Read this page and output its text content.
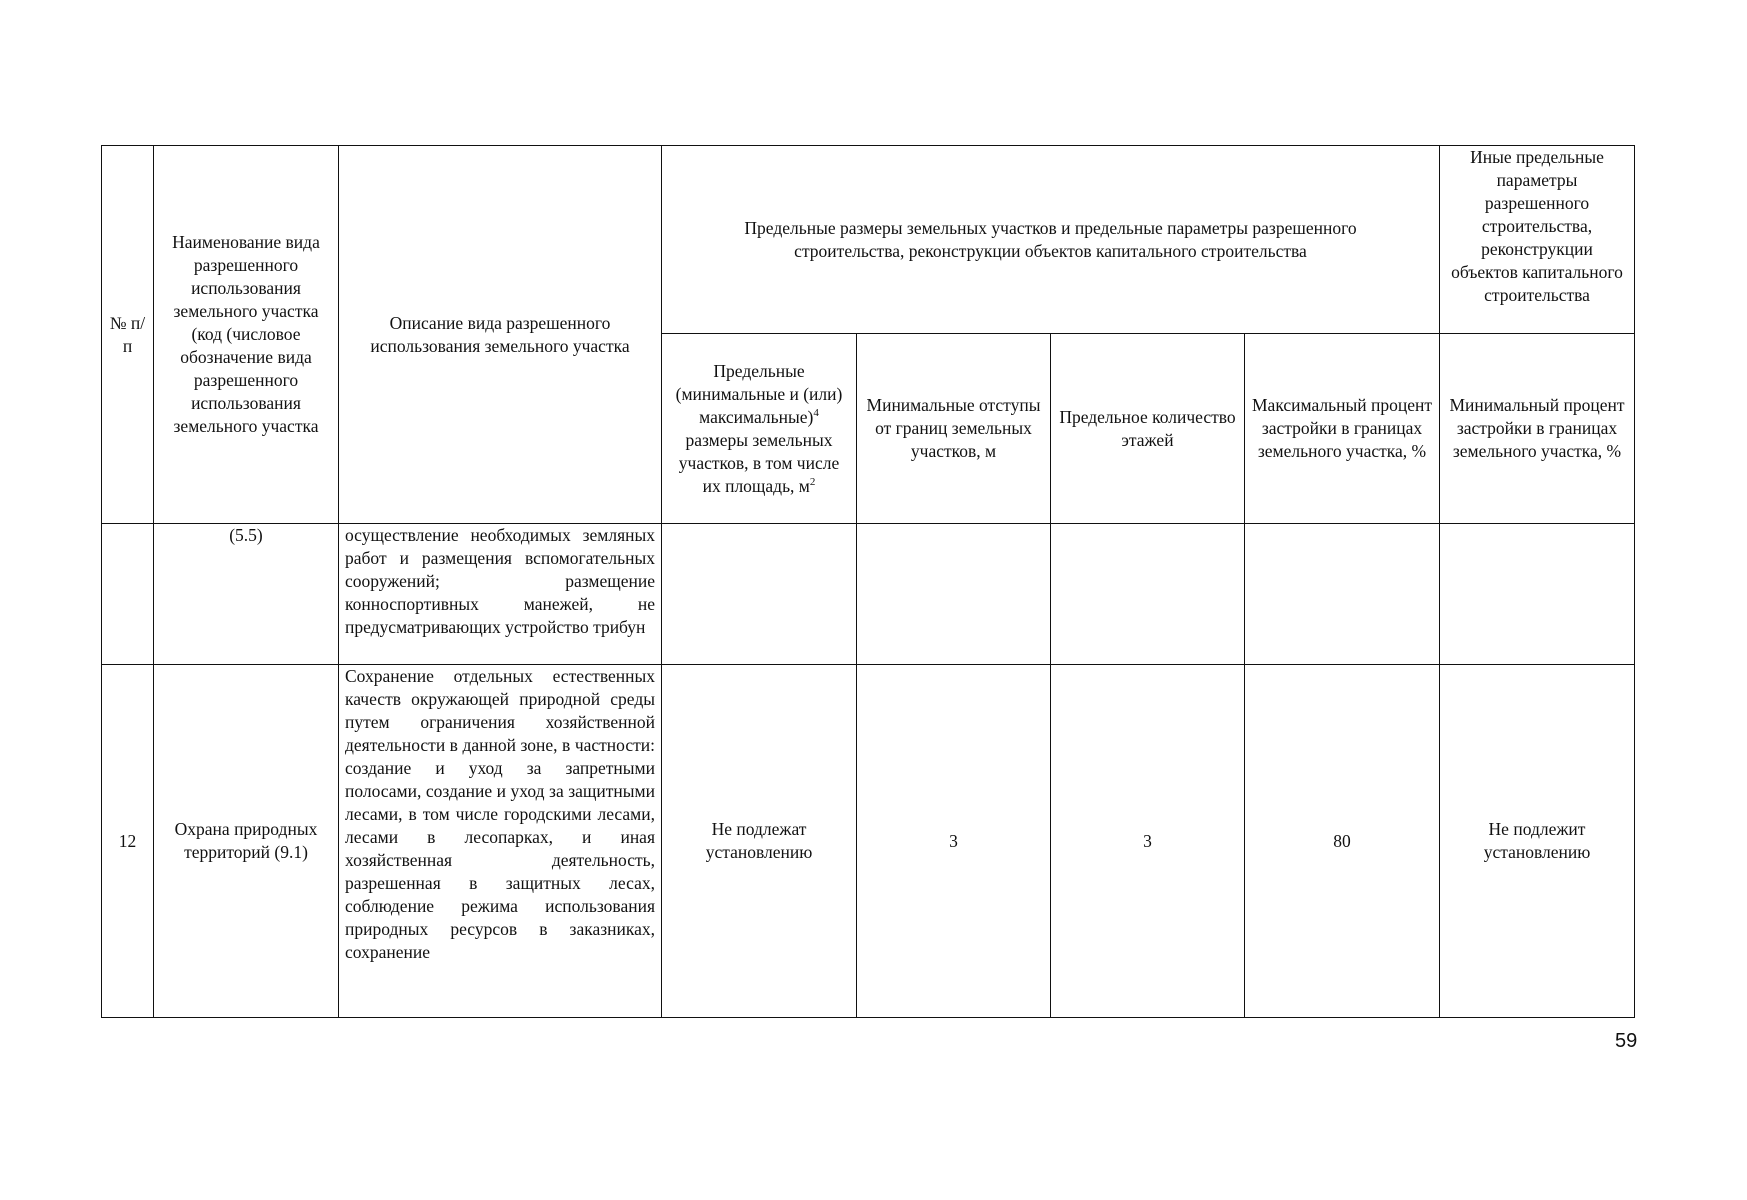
№ п/п	Наименование вида разрешенного использования земельного участка (код (числовое обозначение вида разрешенного использования земельного участка	Описание вида разрешенного использования земельного участка	Предельные размеры земельных участков и предельные параметры разрешенного строительства, реконструкции объектов капитального строительства				Иные предельные параметры разрешенного строительства, реконструкции объектов капитального строительства
			Предельные (минимальные и (или) максимальные)$^4$ размеры земельных участков, в том числе их площадь, $м^2$	Минимальные отступы от границ земельных участков, м	Предельное количество этажей	Максимальный процент застройки в границах земельного участка, %	Минимальный процент застройки в границах земельного участка, %
	(5.5)	осуществление необходимых земляных работ и размещения вспомогательных сооружений; размещение конноспортивных манежей, не предусматривающих устройство трибун					
12	Охрана природных территорий (9.1)	Сохранение отдельных естественных качеств окружающей природной среды путем ограничения хозяйственной деятельности в данной зоне, в частности: создание и уход за запретными полосами, создание и уход за защитными лесами, в том числе городскими лесами, лесами в лесопарках, и иная хозяйственная деятельность, разрешенная в защитных лесах, соблюдение режима использования природных ресурсов в заказниках, сохранение	Не подлежат установлению	3	3	80	Не подлежит установлению
59
